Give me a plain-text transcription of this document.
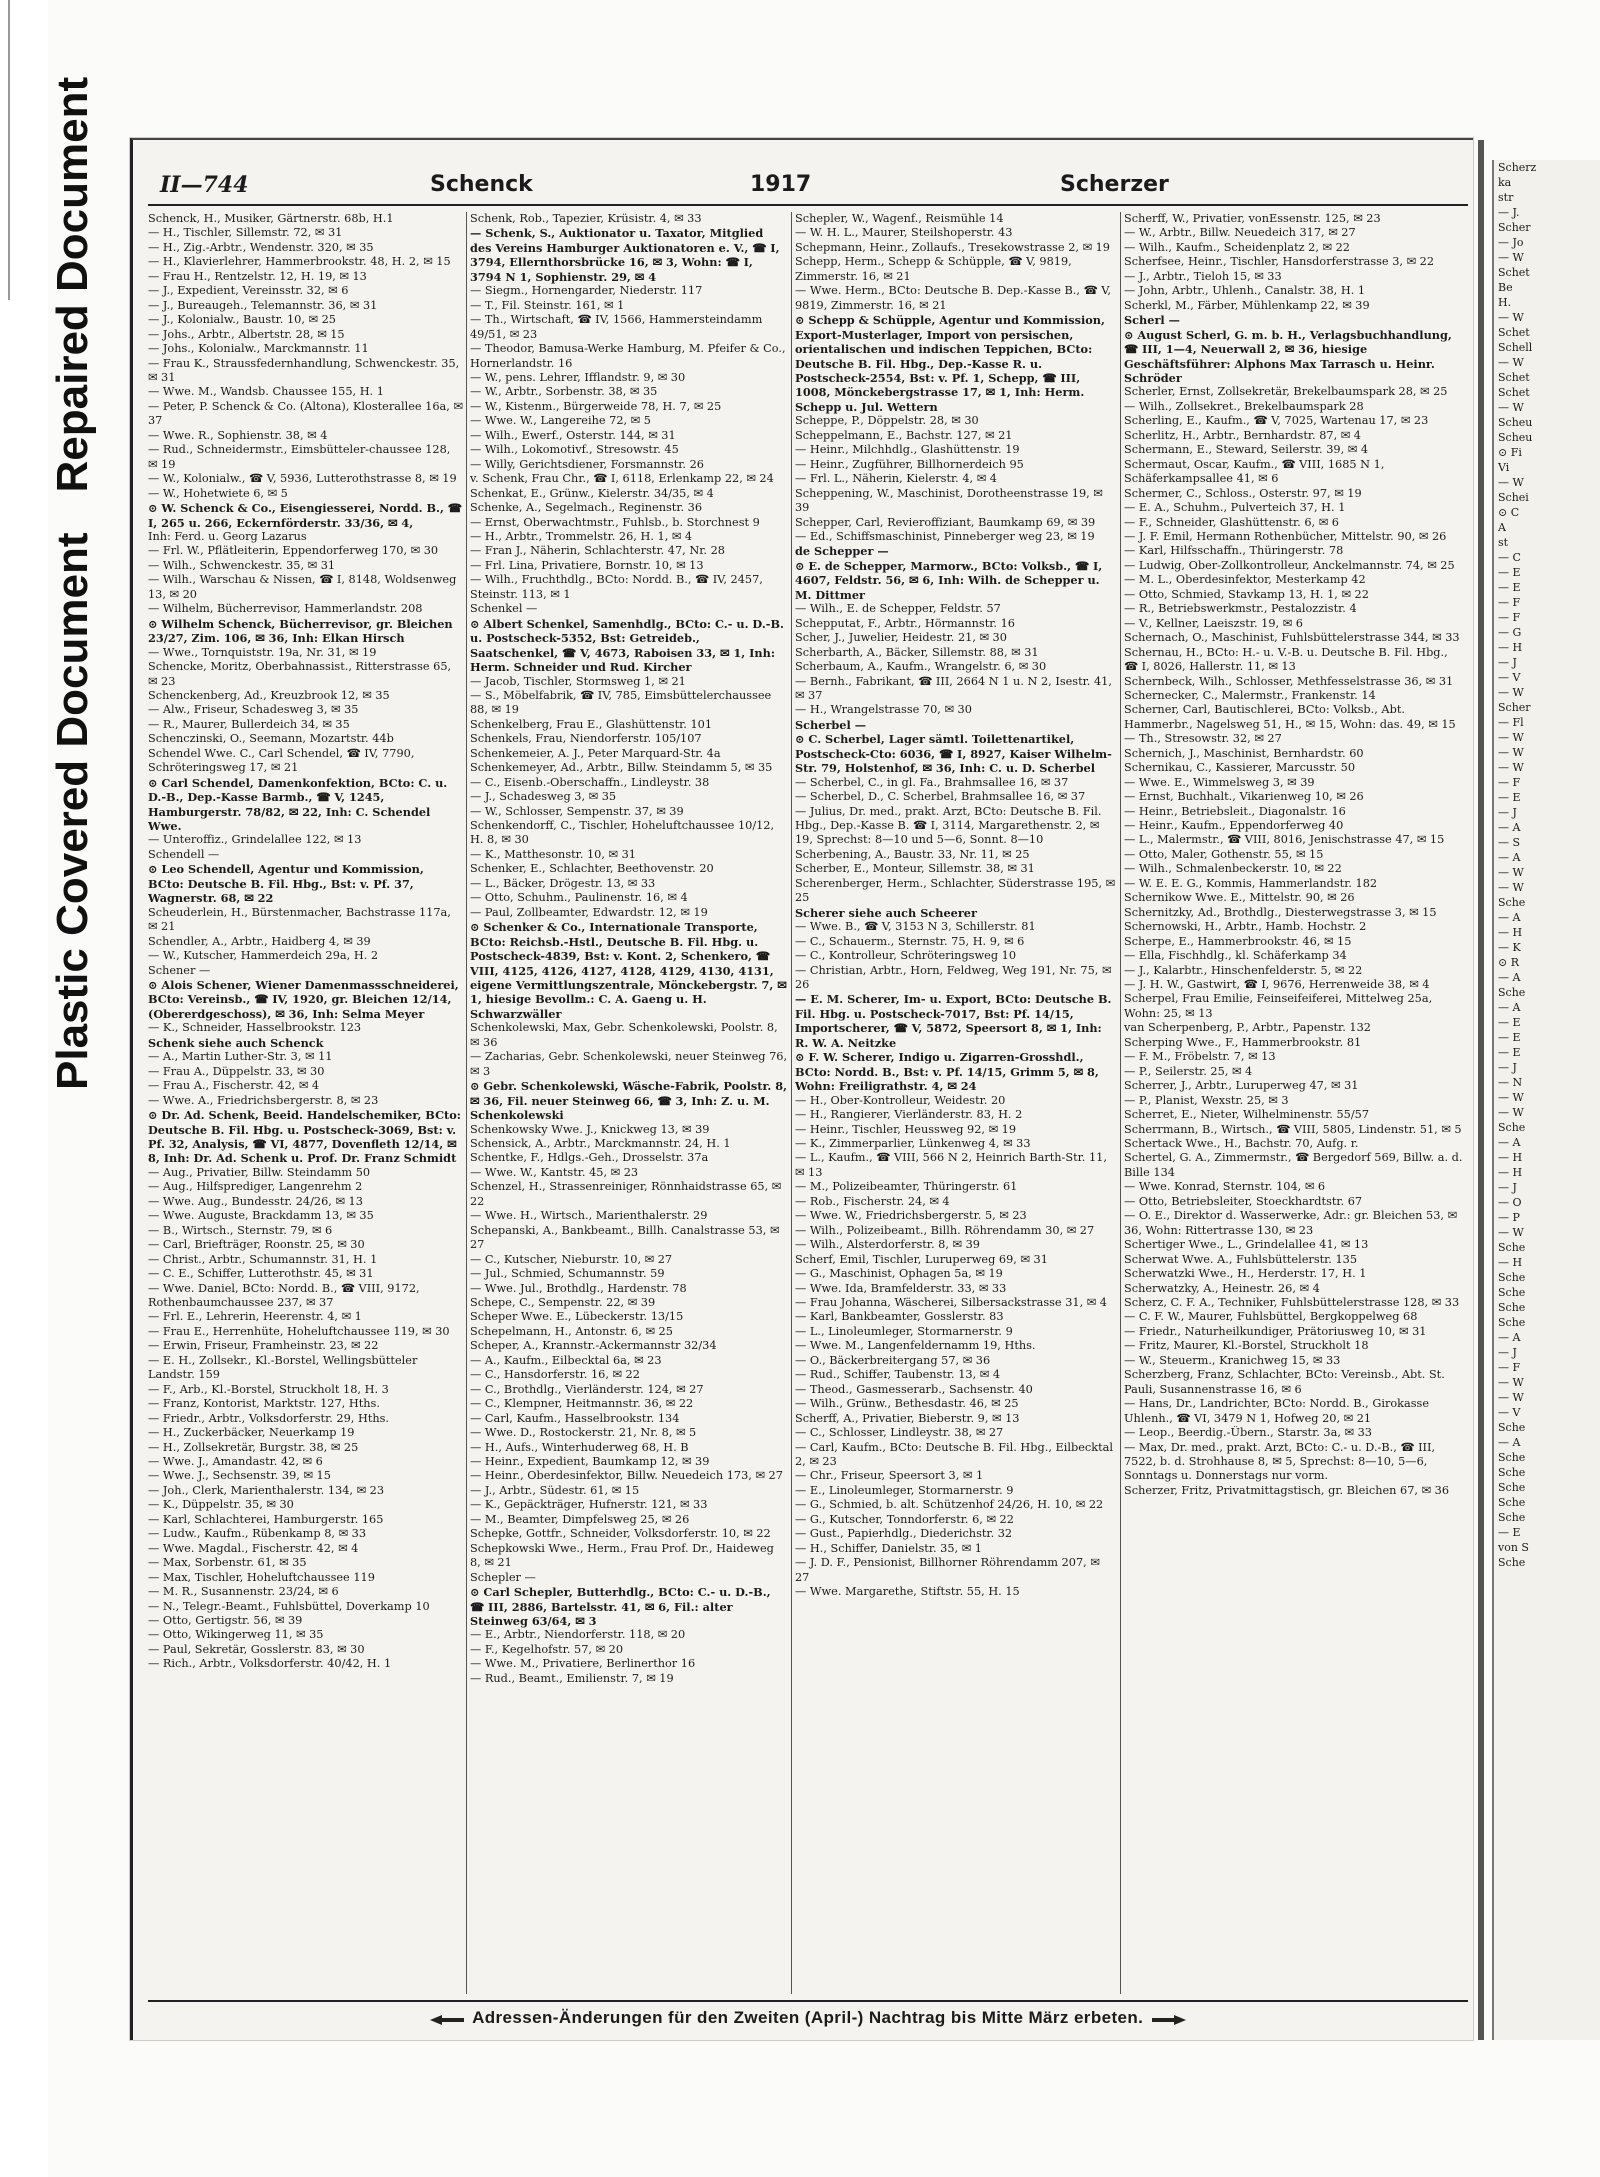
Plastic Covered DocumentRepaired Document	Scherz
ka
str
— J.
Scher
— Jo
— W
Schet
Be
H.
— W
Schet
Schell
— W
Schet
Schet
— W
Scheu
Scheu
⊙ Fi
Vi
— W
Schei
⊙ C
A
st
— C
— E
— E
— F
— F
— G
— H
— J
— V
— W
Scher
— Fl
— W
— W
— W
— F
— E
— J
— A
— S
— A
— W
— W
Sche
— A
— H
— K
⊙ R
— A
Sche
— A
— E
— E
— E
— J
— N
— W
— W
Sche
— A
— H
— H
— J
— O
— P
— W
Sche
— H
Sche
Sche
Sche
Sche
— A
— J
— F
— W
— W
— V
Sche
— A
Sche
Sche
Sche
Sche
Sche
— E
von S
Sche
II—744	Schenck	1917	Scherzer
Schenck, H., Musiker, Gärtnerstr. 68b, H.1
— H., Tischler, Sillemstr. 72, ✉ 31
— H., Zig.-Arbtr., Wendenstr. 320, ✉ 35
— H., Klavierlehrer, Hammerbrookstr. 48, H. 2, ✉ 15
— Frau H., Rentzelstr. 12, H. 19, ✉ 13
— J., Expedient, Vereinsstr. 32, ✉ 6
— J., Bureaugeh., Telemannstr. 36, ✉ 31
— J., Kolonialw., Baustr. 10, ✉ 25
— Johs., Arbtr., Albertstr. 28, ✉ 15
— Johs., Kolonialw., Marckmannstr. 11
— Frau K., Straussfedernhandlung, Schwenckestr. 35, ✉ 31
— Wwe. M., Wandsb. Chaussee 155, H. 1
— Peter, P. Schenck & Co. (Altona), Klosterallee 16a, ✉ 37
— Wwe. R., Sophienstr. 38, ✉ 4
— Rud., Schneidermstr., Eimsbütteler-chaussee 128, ✉ 19
— W., Kolonialw., ☎ V, 5936, Lutterothstrasse 8, ✉ 19
— W., Hohetwiete 6, ✉ 5
⊙ W. Schenck & Co., Eisengiesserei, Nordd. B., ☎ I, 265 u. 266, Eckernförderstr. 33/36, ✉ 4,
Inh: Ferd. u. Georg Lazarus
— Frl. W., Pflätleiterin, Eppendorferweg 170, ✉ 30
— Wilh., Schwenckestr. 35, ✉ 31
— Wilh., Warschau & Nissen, ☎ I, 8148, Woldsenweg 13, ✉ 20
— Wilhelm, Bücherrevisor, Hammerlandstr. 208
⊙ Wilhelm Schenck, Bücherrevisor, gr. Bleichen 23/27, Zim. 106, ✉ 36, Inh: Elkan Hirsch
— Wwe., Tornquiststr. 19a, Nr. 31, ✉ 19
Schencke, Moritz, Oberbahnassist., Ritterstrasse 65, ✉ 23
Schenckenberg, Ad., Kreuzbrook 12, ✉ 35
— Alw., Friseur, Schadesweg 3, ✉ 35
— R., Maurer, Bullerdeich 34, ✉ 35
Schenczinski, O., Seemann, Mozartstr. 44b
Schendel Wwe. C., Carl Schendel, ☎ IV, 7790, Schröteringsweg 17, ✉ 21
⊙ Carl Schendel, Damenkonfektion, BCto: C. u. D.-B., Dep.-Kasse Barmb., ☎ V, 1245, Hamburgerstr. 78/82, ✉ 22, Inh: C. Schendel Wwe.
— Unteroffiz., Grindelallee 122, ✉ 13
Schendell —
⊙ Leo Schendell, Agentur und Kommission, BCto: Deutsche B. Fil. Hbg., Bst: v. Pf. 37, Wagnerstr. 68, ✉ 22
Scheuderlein, H., Bürstenmacher, Bachstrasse 117a, ✉ 21
Schendler, A., Arbtr., Haidberg 4, ✉ 39
— W., Kutscher, Hammerdeich 29a, H. 2
Schener —
⊙ Alois Schener, Wiener Damenmassschneiderei, BCto: Vereinsb., ☎ IV, 1920, gr. Bleichen 12/14, (Obererdgeschoss), ✉ 36, Inh: Selma Meyer
— K., Schneider, Hasselbrookstr. 123
Schenk siehe auch Schenck
— A., Martin Luther-Str. 3, ✉ 11
— Frau A., Düppelstr. 33, ✉ 30
— Frau A., Fischerstr. 42, ✉ 4
— Wwe. A., Friedrichsbergerstr. 8, ✉ 23
⊙ Dr. Ad. Schenk, Beeid. Handelschemiker, BCto: Deutsche B. Fil. Hbg. u. Postscheck-3069, Bst: v. Pf. 32, Analysis, ☎ VI, 4877, Dovenfleth 12/14, ✉ 8, Inh: Dr. Ad. Schenk u. Prof. Dr. Franz Schmidt
— Aug., Privatier, Billw. Steindamm 50
— Aug., Hilfsprediger, Langenrehm 2
— Wwe. Aug., Bundesstr. 24/26, ✉ 13
— Wwe. Auguste, Brackdamm 13, ✉ 35
— B., Wirtsch., Sternstr. 79, ✉ 6
— Carl, Briefträger, Roonstr. 25, ✉ 30
— Christ., Arbtr., Schumannstr. 31, H. 1
— C. E., Schiffer, Lutterothstr. 45, ✉ 31
— Wwe. Daniel, BCto: Nordd. B., ☎ VIII, 9172, Rothenbaumchaussee 237, ✉ 37
— Frl. E., Lehrerin, Heerenstr. 4, ✉ 1
— Frau E., Herrenhüte, Hoheluftchaussee 119, ✉ 30
— Erwin, Friseur, Framheinstr. 23, ✉ 22
— E. H., Zollsekr., Kl.-Borstel, Wellingsbütteler Landstr. 159
— F., Arb., Kl.-Borstel, Struckholt 18, H. 3
— Franz, Kontorist, Marktstr. 127, Hths.
— Friedr., Arbtr., Volksdorferstr. 29, Hths.
— H., Zuckerbäcker, Neuerkamp 19
— H., Zollsekretär, Burgstr. 38, ✉ 25
— Wwe. J., Amandastr. 42, ✉ 6
— Wwe. J., Sechsenstr. 39, ✉ 15
— Joh., Clerk, Marienthalerstr. 134, ✉ 23
— K., Düppelstr. 35, ✉ 30
— Karl, Schlachterei, Hamburgerstr. 165
— Ludw., Kaufm., Rübenkamp 8, ✉ 33
— Wwe. Magdal., Fischerstr. 42, ✉ 4
— Max, Sorbenstr. 61, ✉ 35
— Max, Tischler, Hoheluftchaussee 119
— M. R., Susannenstr. 23/24, ✉ 6
— N., Telegr.-Beamt., Fuhlsbüttel, Doverkamp 10
— Otto, Gertigstr. 56, ✉ 39
— Otto, Wikingerweg 11, ✉ 35
— Paul, Sekretär, Gosslerstr. 83, ✉ 30
— Rich., Arbtr., Volksdorferstr. 40/42, H. 1
Schenk, Rob., Tapezier, Krüsistr. 4, ✉ 33
— Schenk, S., Auktionator u. Taxator, Mitglied des Vereins Hamburger Auktionatoren e. V., ☎ I, 3794, Ellernthorsbrücke 16, ✉ 3, Wohn: ☎ I, 3794 N 1, Sophienstr. 29, ✉ 4
— Siegm., Hornengarder, Niederstr. 117
— T., Fil. Steinstr. 161, ✉ 1
— Th., Wirtschaft, ☎ IV, 1566, Hammersteindamm 49/51, ✉ 23
— Theodor, Bamusa-Werke Hamburg, M. Pfeifer & Co., Hornerlandstr. 16
— W., pens. Lehrer, Ifflandstr. 9, ✉ 30
— W., Arbtr., Sorbenstr. 38, ✉ 35
— W., Kistenm., Bürgerweide 78, H. 7, ✉ 25
— Wwe. W., Langereihe 72, ✉ 5
— Wilh., Ewerf., Osterstr. 144, ✉ 31
— Wilh., Lokomotivf., Stresowstr. 45
— Willy, Gerichtsdiener, Forsmannstr. 26
v. Schenk, Frau Chr., ☎ I, 6118, Erlenkamp 22, ✉ 24
Schenkat, E., Grünw., Kielerstr. 34/35, ✉ 4
Schenke, A., Segelmach., Reginenstr. 36
— Ernst, Oberwachtmstr., Fuhlsb., b. Storchnest 9
— H., Arbtr., Trommelstr. 26, H. 1, ✉ 4
— Fran J., Näherin, Schlachterstr. 47, Nr. 28
— Frl. Lina, Privatiere, Bornstr. 10, ✉ 13
— Wilh., Fruchthdlg., BCto: Nordd. B., ☎ IV, 2457, Steinstr. 113, ✉ 1
Schenkel —
⊙ Albert Schenkel, Samenhdlg., BCto: C.- u. D.-B. u. Postscheck-5352, Bst: Getreideb., Saatschenkel, ☎ V, 4673, Raboisen 33, ✉ 1, Inh: Herm. Schneider und Rud. Kircher
— Jacob, Tischler, Stormsweg 1, ✉ 21
— S., Möbelfabrik, ☎ IV, 785, Eimsbüttelerchaussee 88, ✉ 19
Schenkelberg, Frau E., Glashüttenstr. 101
Schenkels, Frau, Niendorferstr. 105/107
Schenkemeier, A. J., Peter Marquard-Str. 4a
Schenkemeyer, Ad., Arbtr., Billw. Steindamm 5, ✉ 35
— C., Eisenb.-Oberschaffn., Lindleystr. 38
— J., Schadesweg 3, ✉ 35
— W., Schlosser, Sempenstr. 37, ✉ 39
Schenkendorff, C., Tischler, Hoheluftchaussee 10/12, H. 8, ✉ 30
— K., Matthesonstr. 10, ✉ 31
Schenker, E., Schlachter, Beethovenstr. 20
— L., Bäcker, Drögestr. 13, ✉ 33
— Otto, Schuhm., Paulinenstr. 16, ✉ 4
— Paul, Zollbeamter, Edwardstr. 12, ✉ 19
⊙ Schenker & Co., Internationale Transporte, BCto: Reichsb.-Hstl., Deutsche B. Fil. Hbg. u. Postscheck-4839, Bst: v. Kont. 2, Schenkero, ☎ VIII, 4125, 4126, 4127, 4128, 4129, 4130, 4131, eigene Vermittlungszentrale, Mönckebergstr. 7, ✉ 1, hiesige Bevollm.: C. A. Gaeng u. H. Schwarzwäller
Schenkolewski, Max, Gebr. Schenkolewski, Poolstr. 8, ✉ 36
— Zacharias, Gebr. Schenkolewski, neuer Steinweg 76, ✉ 3
⊙ Gebr. Schenkolewski, Wäsche-Fabrik, Poolstr. 8, ✉ 36, Fil. neuer Steinweg 66, ☎ 3, Inh: Z. u. M. Schenkolewski
Schenkowsky Wwe. J., Knickweg 13, ✉ 39
Schensick, A., Arbtr., Marckmannstr. 24, H. 1
Schentke, F., Hdlgs.-Geh., Drosselstr. 37a
— Wwe. W., Kantstr. 45, ✉ 23
Schenzel, H., Strassenreiniger, Rönnhaidstrasse 65, ✉ 22
— Wwe. H., Wirtsch., Marienthalerstr. 29
Schepanski, A., Bankbeamt., Billh. Canalstrasse 53, ✉ 27
— C., Kutscher, Nieburstr. 10, ✉ 27
— Jul., Schmied, Schumannstr. 59
— Wwe. Jul., Brothdlg., Hardenstr. 78
Schepe, C., Sempenstr. 22, ✉ 39
Scheper Wwe. E., Lübeckerstr. 13/15
Schepelmann, H., Antonstr. 6, ✉ 25
Scheper, A., Krannstr.-Ackermannstr 32/34
— A., Kaufm., Eilbecktal 6a, ✉ 23
— C., Hansdorferstr. 16, ✉ 22
— C., Brothdlg., Vierländerstr. 124, ✉ 27
— C., Klempner, Heitmannstr. 36, ✉ 22
— Carl, Kaufm., Hasselbrookstr. 134
— Wwe. D., Rostockerstr. 21, Nr. 8, ✉ 5
— H., Aufs., Winterhuderweg 68, H. B
— Heinr., Expedient, Baumkamp 12, ✉ 39
— Heinr., Oberdesinfektor, Billw. Neuedeich 173, ✉ 27
— J., Arbtr., Südestr. 61, ✉ 15
— K., Gepäckträger, Hufnerstr. 121, ✉ 33
— M., Beamter, Dimpfelsweg 25, ✉ 26
Schepke, Gottfr., Schneider, Volksdorferstr. 10, ✉ 22
Schepkowski Wwe., Herm., Frau Prof. Dr., Haideweg 8, ✉ 21
Schepler —
⊙ Carl Schepler, Butterhdlg., BCto: C.- u. D.-B., ☎ III, 2886, Bartelsstr. 41, ✉ 6, Fil.: alter Steinweg 63/64, ✉ 3
— E., Arbtr., Niendorferstr. 118, ✉ 20
— F., Kegelhofstr. 57, ✉ 20
— Wwe. M., Privatiere, Berlinerthor 16
— Rud., Beamt., Emilienstr. 7, ✉ 19
Schepler, W., Wagenf., Reismühle 14
— W. H. L., Maurer, Steilshoperstr. 43
Schepmann, Heinr., Zollaufs., Tresekowstrasse 2, ✉ 19
Schepp, Herm., Schepp & Schüpple, ☎ V, 9819, Zimmerstr. 16, ✉ 21
— Wwe. Herm., BCto: Deutsche B. Dep.-Kasse B., ☎ V, 9819, Zimmerstr. 16, ✉ 21
⊙ Schepp & Schüpple, Agentur und Kommission, Export-Musterlager, Import von persischen, orientalischen und indischen Teppichen, BCto: Deutsche B. Fil. Hbg., Dep.-Kasse R. u. Postscheck-2554, Bst: v. Pf. 1, Schepp, ☎ III, 1008, Mönckebergstrasse 17, ✉ 1, Inh: Herm. Schepp u. Jul. Wettern
Scheppe, P., Döppelstr. 28, ✉ 30
Scheppelmann, E., Bachstr. 127, ✉ 21
— Heinr., Milchhdlg., Glashüttenstr. 19
— Heinr., Zugführer, Billhornerdeich 95
— Frl. L., Näherin, Kielerstr. 4, ✉ 4
Scheppening, W., Maschinist, Dorotheenstrasse 19, ✉ 39
Schepper, Carl, Revieroffiziant, Baumkamp 69, ✉ 39
— Ed., Schiffsmaschinist, Pinneberger weg 23, ✉ 19
de Schepper —
⊙ E. de Schepper, Marmorw., BCto: Volksb., ☎ I, 4607, Feldstr. 56, ✉ 6, Inh: Wilh. de Schepper u. M. Dittmer
— Wilh., E. de Schepper, Feldstr. 57
Schepputat, F., Arbtr., Hörmannstr. 16
Scher, J., Juwelier, Heidestr. 21, ✉ 30
Scherbarth, A., Bäcker, Sillemstr. 88, ✉ 31
Scherbaum, A., Kaufm., Wrangelstr. 6, ✉ 30
— Bernh., Fabrikant, ☎ III, 2664 N 1 u. N 2, Isestr. 41, ✉ 37
— H., Wrangelstrasse 70, ✉ 30
Scherbel —
⊙ C. Scherbel, Lager sämtl. Toilettenartikel, Postscheck-Cto: 6036, ☎ I, 8927, Kaiser Wilhelm-Str. 79, Holstenhof, ✉ 36, Inh: C. u. D. Scherbel
— Scherbel, C., in gl. Fa., Brahmsallee 16, ✉ 37
— Scherbel, D., C. Scherbel, Brahmsallee 16, ✉ 37
— Julius, Dr. med., prakt. Arzt, BCto: Deutsche B. Fil. Hbg., Dep.-Kasse B. ☎ I, 3114, Margarethenstr. 2, ✉ 19, Sprechst: 8—10 und 5—6, Sonnt. 8—10
Scherbening, A., Baustr. 33, Nr. 11, ✉ 25
Scherber, E., Monteur, Sillemstr. 38, ✉ 31
Scherenberger, Herm., Schlachter, Süderstrasse 195, ✉ 25
Scherer siehe auch Scheerer
— Wwe. B., ☎ V, 3153 N 3, Schillerstr. 81
— C., Schauerm., Sternstr. 75, H. 9, ✉ 6
— C., Kontrolleur, Schröteringsweg 10
— Christian, Arbtr., Horn, Feldweg, Weg 191, Nr. 75, ✉ 26
— E. M. Scherer, Im- u. Export, BCto: Deutsche B. Fil. Hbg. u. Postscheck-7017, Bst: Pf. 14/15, Importscherer, ☎ V, 5872, Speersort 8, ✉ 1, Inh: R. W. A. Neitzke
⊙ F. W. Scherer, Indigo u. Zigarren-Grosshdl., BCto: Nordd. B., Bst: v. Pf. 14/15, Grimm 5, ✉ 8, Wohn: Freiligrathstr. 4, ✉ 24
— H., Ober-Kontrolleur, Weidestr. 20
— H., Rangierer, Vierländerstr. 83, H. 2
— Heinr., Tischler, Heussweg 92, ✉ 19
— K., Zimmerparlier, Lünkenweg 4, ✉ 33
— L., Kaufm., ☎ VIII, 566 N 2, Heinrich Barth-Str. 11, ✉ 13
— M., Polizeibeamter, Thüringerstr. 61
— Rob., Fischerstr. 24, ✉ 4
— Wwe. W., Friedrichsbergerstr. 5, ✉ 23
— Wilh., Polizeibeamt., Billh. Röhrendamm 30, ✉ 27
— Wilh., Alsterdorferstr. 8, ✉ 39
Scherf, Emil, Tischler, Luruperweg 69, ✉ 31
— G., Maschinist, Ophagen 5a, ✉ 19
— Wwe. Ida, Bramfelderstr. 33, ✉ 33
— Frau Johanna, Wäscherei, Silbersackstrasse 31, ✉ 4
— Karl, Bankbeamter, Gosslerstr. 83
— L., Linoleumleger, Stormarnerstr. 9
— Wwe. M., Langenfeldernamm 19, Hths.
— O., Bäckerbreitergang 57, ✉ 36
— Rud., Schiffer, Taubenstr. 13, ✉ 4
— Theod., Gasmesserarb., Sachsenstr. 40
— Wilh., Grünw., Bethesdastr. 46, ✉ 25
Scherff, A., Privatier, Bieberstr. 9, ✉ 13
— C., Schlosser, Lindleystr. 38, ✉ 27
— Carl, Kaufm., BCto: Deutsche B. Fil. Hbg., Eilbecktal 2, ✉ 23
— Chr., Friseur, Speersort 3, ✉ 1
— E., Linoleumleger, Stormarnerstr. 9
— G., Schmied, b. alt. Schützenhof 24/26, H. 10, ✉ 22
— G., Kutscher, Tonndorferstr. 6, ✉ 22
— Gust., Papierhdlg., Diederichstr. 32
— H., Schiffer, Danielstr. 35, ✉ 1
— J. D. F., Pensionist, Billhorner Röhrendamm 207, ✉ 27
— Wwe. Margarethe, Stiftstr. 55, H. 15
Scherff, W., Privatier, vonEssenstr. 125, ✉ 23
— W., Arbtr., Billw. Neuedeich 317, ✉ 27
— Wilh., Kaufm., Scheidenplatz 2, ✉ 22
Scherfsee, Heinr., Tischler, Hansdorferstrasse 3, ✉ 22
— J., Arbtr., Tieloh 15, ✉ 33
— John, Arbtr., Uhlenh., Canalstr. 38, H. 1
Scherkl, M., Färber, Mühlenkamp 22, ✉ 39
Scherl —
⊙ August Scherl, G. m. b. H., Verlagsbuchhandlung, ☎ III, 1—4, Neuerwall 2, ✉ 36, hiesige Geschäftsführer: Alphons Max Tarrasch u. Heinr. Schröder
Scherler, Ernst, Zollsekretär, Brekelbaumspark 28, ✉ 25
— Wilh., Zollsekret., Brekelbaumspark 28
Scherling, E., Kaufm., ☎ V, 7025, Wartenau 17, ✉ 23
Scherlitz, H., Arbtr., Bernhardstr. 87, ✉ 4
Schermann, E., Steward, Seilerstr. 39, ✉ 4
Schermaut, Oscar, Kaufm., ☎ VIII, 1685 N 1, Schäferkampsallee 41, ✉ 6
Schermer, C., Schloss., Osterstr. 97, ✉ 19
— E. A., Schuhm., Pulverteich 37, H. 1
— F., Schneider, Glashüttenstr. 6, ✉ 6
— J. F. Emil, Hermann Rothenbücher, Mittelstr. 90, ✉ 26
— Karl, Hilfsschaffn., Thüringerstr. 78
— Ludwig, Ober-Zollkontrolleur, Anckelmannstr. 74, ✉ 25
— M. L., Oberdesinfektor, Mesterkamp 42
— Otto, Schmied, Stavkamp 13, H. 1, ✉ 22
— R., Betriebswerkmstr., Pestalozzistr. 4
— V., Kellner, Laeiszstr. 19, ✉ 6
Schernach, O., Maschinist, Fuhlsbüttelerstrasse 344, ✉ 33
Schernau, H., BCto: H.- u. V.-B. u. Deutsche B. Fil. Hbg., ☎ I, 8026, Hallerstr. 11, ✉ 13
Schernbeck, Wilh., Schlosser, Methfesselstrasse 36, ✉ 31
Schernecker, C., Malermstr., Frankenstr. 14
Scherner, Carl, Bautischlerei, BCto: Volksb., Abt. Hammerbr., Nagelsweg 51, H., ✉ 15, Wohn: das. 49, ✉ 15
— Th., Stresowstr. 32, ✉ 27
Schernich, J., Maschinist, Bernhardstr. 60
Schernikau, C., Kassierer, Marcusstr. 50
— Wwe. E., Wimmelsweg 3, ✉ 39
— Ernst, Buchhalt., Vikarienweg 10, ✉ 26
— Heinr., Betriebsleit., Diagonalstr. 16
— Heinr., Kaufm., Eppendorferweg 40
— L., Malermstr., ☎ VIII, 8016, Jenischstrasse 47, ✉ 15
— Otto, Maler, Gothenstr. 55, ✉ 15
— Wilh., Schmalenbeckerstr. 10, ✉ 22
— W. E. E. G., Kommis, Hammerlandstr. 182
Schernikow Wwe. E., Mittelstr. 90, ✉ 26
Schernitzky, Ad., Brothdlg., Diesterwegstrasse 3, ✉ 15
Schernowski, H., Arbtr., Hamb. Hochstr. 2
Scherpe, E., Hammerbrookstr. 46, ✉ 15
— Ella, Fischhdlg., kl. Schäferkamp 34
— J., Kalarbtr., Hinschenfelderstr. 5, ✉ 22
— J. H. W., Gastwirt, ☎ I, 9676, Herrenweide 38, ✉ 4
Scherpel, Frau Emilie, Feinseifeiferei, Mittelweg 25a, Wohn: 25, ✉ 13
van Scherpenberg, P., Arbtr., Papenstr. 132
Scherping Wwe., F., Hammerbrookstr. 81
— F. M., Fröbelstr. 7, ✉ 13
— P., Seilerstr. 25, ✉ 4
Scherrer, J., Arbtr., Luruperweg 47, ✉ 31
— P., Planist, Wexstr. 25, ✉ 3
Scherret, E., Nieter, Wilhelminenstr. 55/57
Scherrmann, B., Wirtsch., ☎ VIII, 5805, Lindenstr. 51, ✉ 5
Schertack Wwe., H., Bachstr. 70, Aufg. r.
Schertel, G. A., Zimmermstr., ☎ Bergedorf 569, Billw. a. d. Bille 134
— Wwe. Konrad, Sternstr. 104, ✉ 6
— Otto, Betriebsleiter, Stoeckhardtstr. 67
— O. E., Direktor d. Wasserwerke, Adr.: gr. Bleichen 53, ✉ 36, Wohn: Rittertrasse 130, ✉ 23
Schertiger Wwe., L., Grindelallee 41, ✉ 13
Scherwat Wwe. A., Fuhlsbüttelerstr. 135
Scherwatzki Wwe., H., Herderstr. 17, H. 1
Scherwatzky, A., Heinestr. 26, ✉ 4
Scherz, C. F. A., Techniker, Fuhlsbüttelerstrasse 128, ✉ 33
— C. F. W., Maurer, Fuhlsbüttel, Bergkoppelweg 68
— Friedr., Naturheilkundiger, Prätoriusweg 10, ✉ 31
— Fritz, Maurer, Kl.-Borstel, Struckholt 18
— W., Steuerm., Kranichweg 15, ✉ 33
Scherzberg, Franz, Schlachter, BCto: Vereinsb., Abt. St. Pauli, Susannenstrasse 16, ✉ 6
— Hans, Dr., Landrichter, BCto: Nordd. B., Girokasse Uhlenh., ☎ VI, 3479 N 1, Hofweg 20, ✉ 21
— Leop., Beerdig.-Übern., Starstr. 3a, ✉ 33
— Max, Dr. med., prakt. Arzt, BCto: C.- u. D.-B., ☎ III, 7522, b. d. Strohhause 8, ✉ 5, Sprechst: 8—10, 5—6, Sonntags u. Donnerstags nur vorm.
Scherzer, Fritz, Privatmittagstisch, gr. Bleichen 67, ✉ 36
Adressen-Änderungen für den Zweiten (April-) Nachtrag bis Mitte März erbeten.
